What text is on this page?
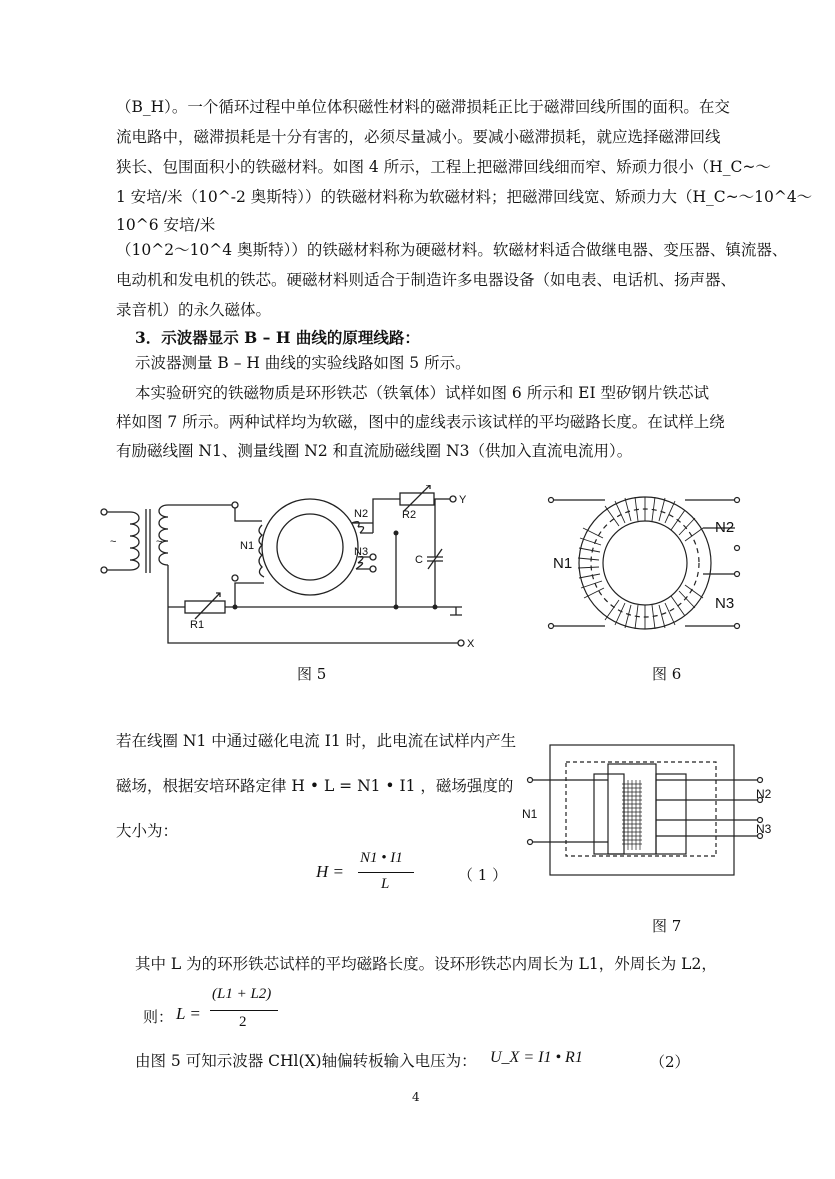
（B_H）。一个循环过程中单位体积磁性材料的磁滞损耗正比于磁滞回线所围的面积。在交
流电路中，磁滞损耗是十分有害的，必须尽量减小。要减小磁滞损耗，就应选择磁滞回线
狭长、包围面积小的铁磁材料。如图 4 所示，工程上把磁滞回线细而窄、矫顽力很小（H_C~～
1 安培/米（10^-2 奥斯特））的铁磁材料称为软磁材料；把磁滞回线宽、矫顽力大（H_C~～10^4～
10^6 安培/米
（10^2～10^4 奥斯特））的铁磁材料称为硬磁材料。软磁材料适合做继电器、变压器、镇流器、
电动机和发电机的铁芯。硬磁材料则适合于制造许多电器设备（如电表、电话机、扬声器、
录音机）的永久磁体。
3．示波器显示 B – H 曲线的原理线路：
示波器测量 B – H 曲线的实验线路如图 5 所示。
本实验研究的铁磁物质是环形铁芯（铁氧体）试样如图 6 所示和 EI 型矽钢片铁芯试
样如图 7 所示。两种试样均为软磁，图中的虚线表示该试样的平均磁路长度。在试样上绕
有励磁线圈 N1、测量线圈 N2 和直流励磁线圈 N3（供加入直流电流用）。
~	~	N1
N2
N3
R1
R2
C
Y
X
图 5
N1
N2
N3
图 6
若在线圈 N1 中通过磁化电流 I1 时，此电流在试样内产生
磁场，根据安培环路定律 H • L = N1 • I1 ，磁场强度的
大小为：
H =
N1 • I1
L	（ 1 ）
N1
N2
N3
图 7
其中 L 为的环形铁芯试样的平均磁路长度。设环形铁芯内周长为 L1，外周长为 L2，
则： L =
(L1 + L2)
2
由图 5 可知示波器 CHl(X)轴偏转板输入电压为： U_X = I1 • R1	（2）
4
